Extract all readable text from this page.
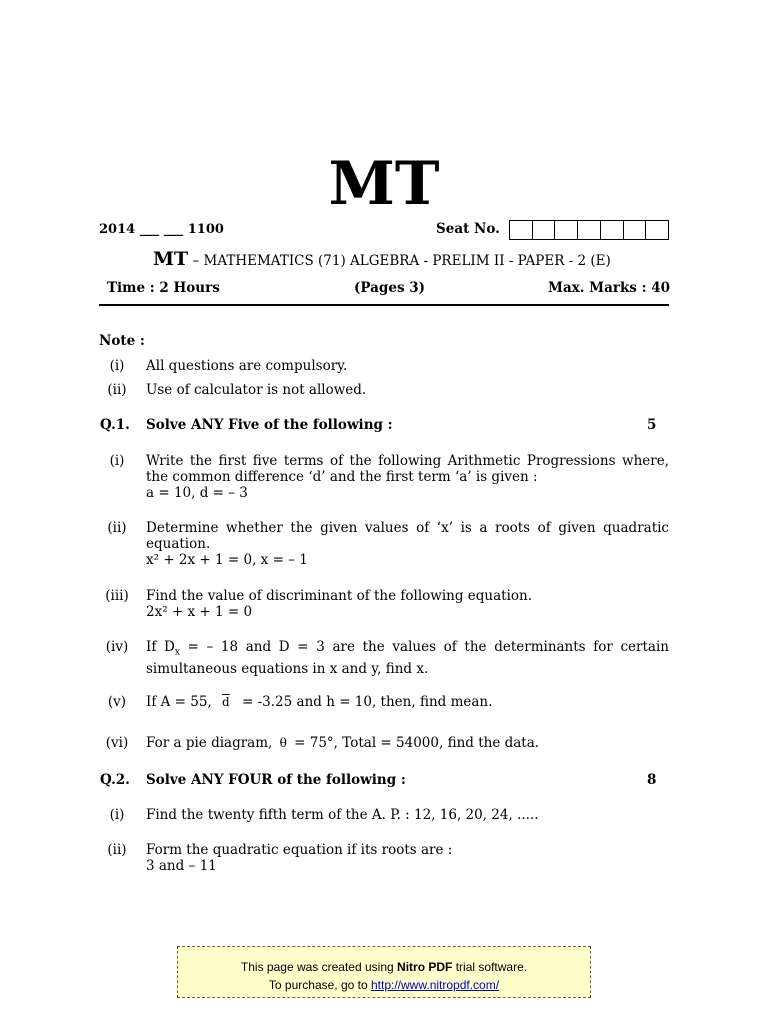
MT
2014 ___ ___ 1100	Seat No.
MT – MATHEMATICS (71) ALGEBRA - PRELIM II - PAPER - 2 (E)
Time : 2 Hours	(Pages 3)	Max. Marks : 40
Note :
(i)	All questions are compulsory.
(ii)	Use of calculator is not allowed.
Q.1. Solve ANY Five of the following :	5
(i)	Write the first five terms of the following Arithmetic Progressions where,
the common difference ‘d’ and the first term ‘a’ is given :
a = 10, d = – 3
(ii)	Determine whether the given values of ‘x’ is a roots of given quadratic
equation.
x² + 2x + 1 = 0, x = – 1
(iii)	Find the value of discriminant of the following equation.
2x² + x + 1 = 0
(iv)	If $D_x$ = – 18 and D = 3 are the values of the determinants for certain
simultaneous equations in x and y, find x.
(v)	If A = 55, $\overline{d} = -3.25$ and h = 10, then, find mean.
(vi)	For a pie diagram, θ = 75°, Total = 54000, find the data.
Q.2. Solve ANY FOUR of the following :	8
(i)	Find the twenty fifth term of the A. P. : 12, 16, 20, 24, .....
(ii)	Form the quadratic equation if its roots are :
3 and – 11
This page was created using Nitro PDF trial software.
To purchase, go to http://www.nitropdf.com/
